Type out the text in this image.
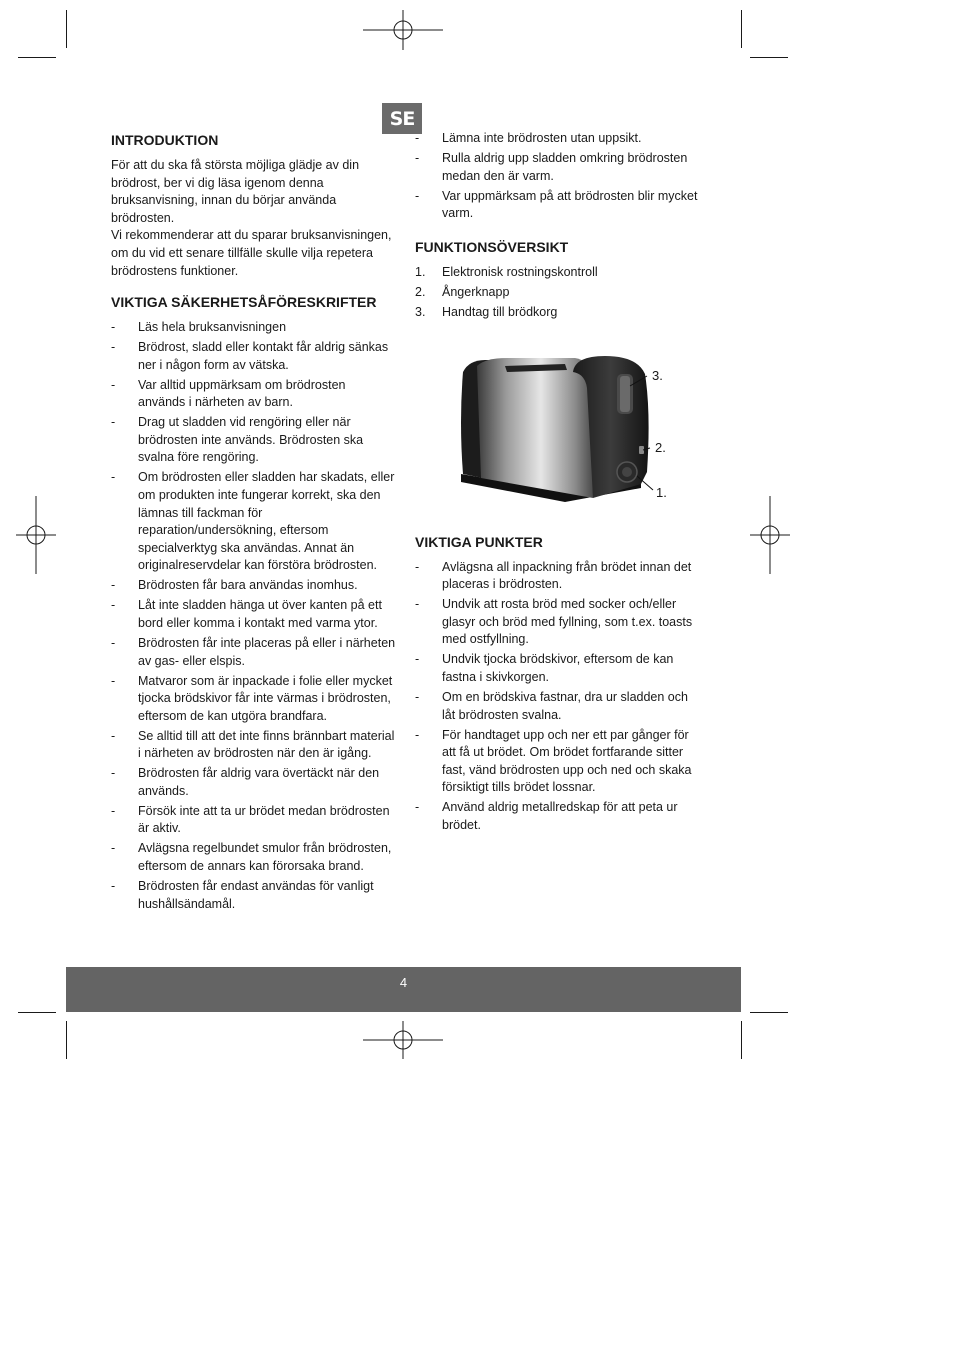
SE
INTRODUKTION

För att du ska få största möjliga glädje av din brödrost, ber vi dig läsa igenom denna bruksanvisning, innan du börjar använda brödrosten.

Vi rekommenderar att du sparar bruksanvisningen, om du vid ett senare tillfälle skulle vilja repetera brödrostens funktioner.

VIKTIGA SÄKERHETSÅFÖRESKRIFTER
- Läs hela bruksanvisningen
- Brödrost, sladd eller kontakt får aldrig sänkas ner i någon form av vätska.
- Var alltid uppmärksam om brödrosten används i närheten av barn.
- Drag ut sladden vid rengöring eller när brödrosten inte används. Brödrosten ska svalna före rengöring.
- Om brödrosten eller sladden har skadats, eller om produkten inte fungerar korrekt, ska den lämnas till fackman för reparation/undersökning, eftersom specialverktyg ska användas. Annat än originalreservdelar kan förstöra brödrosten.
- Brödrosten får bara användas inomhus.
- Låt inte sladden hänga ut över kanten på ett bord eller komma i kontakt med varma ytor.
- Brödrosten får inte placeras på eller i närheten av gas- eller elspis.
- Matvaror som är inpackade i folie eller mycket tjocka brödskivor får inte värmas i brödrosten, eftersom de kan utgöra brandfara.
- Se alltid till att det inte finns brännbart material i närheten av brödrosten när den är igång.
- Brödrosten får aldrig vara övertäckt när den används.
- Försök inte att ta ur brödet medan brödrosten är aktiv.
- Avlägsna regelbundet smulor från brödrosten, eftersom de annars kan förorsaka brand.
- Brödrosten får endast användas för vanligt hushållsändamål.
- Lämna inte brödrosten utan uppsikt.
- Rulla aldrig upp sladden omkring brödrosten medan den är varm.
- Var uppmärksam på att brödrosten blir mycket varm.
FUNKTIONSÖVERSIKT
1. Elektronisk rostningskontroll
2. Ångerknapp
3. Handtag till brödkorg
3.
2.
1.
VIKTIGA PUNKTER
- Avlägsna all inpackning från brödet innan det placeras i brödrosten.
- Undvik att rosta bröd med socker och/eller glasyr och bröd med fyllning, som t.ex. toasts med ostfyllning.
- Undvik tjocka brödskivor, eftersom de kan fastna i skivkorgen.
- Om en brödskiva fastnar, dra ur sladden och låt brödrosten svalna.
- För handtaget upp och ner ett par gånger för att få ut brödet. Om brödet fortfarande sitter fast, vänd brödrosten upp och ned och skaka försiktigt tills brödet lossnar.
- Använd aldrig metallredskap för att peta ur brödet.
4
